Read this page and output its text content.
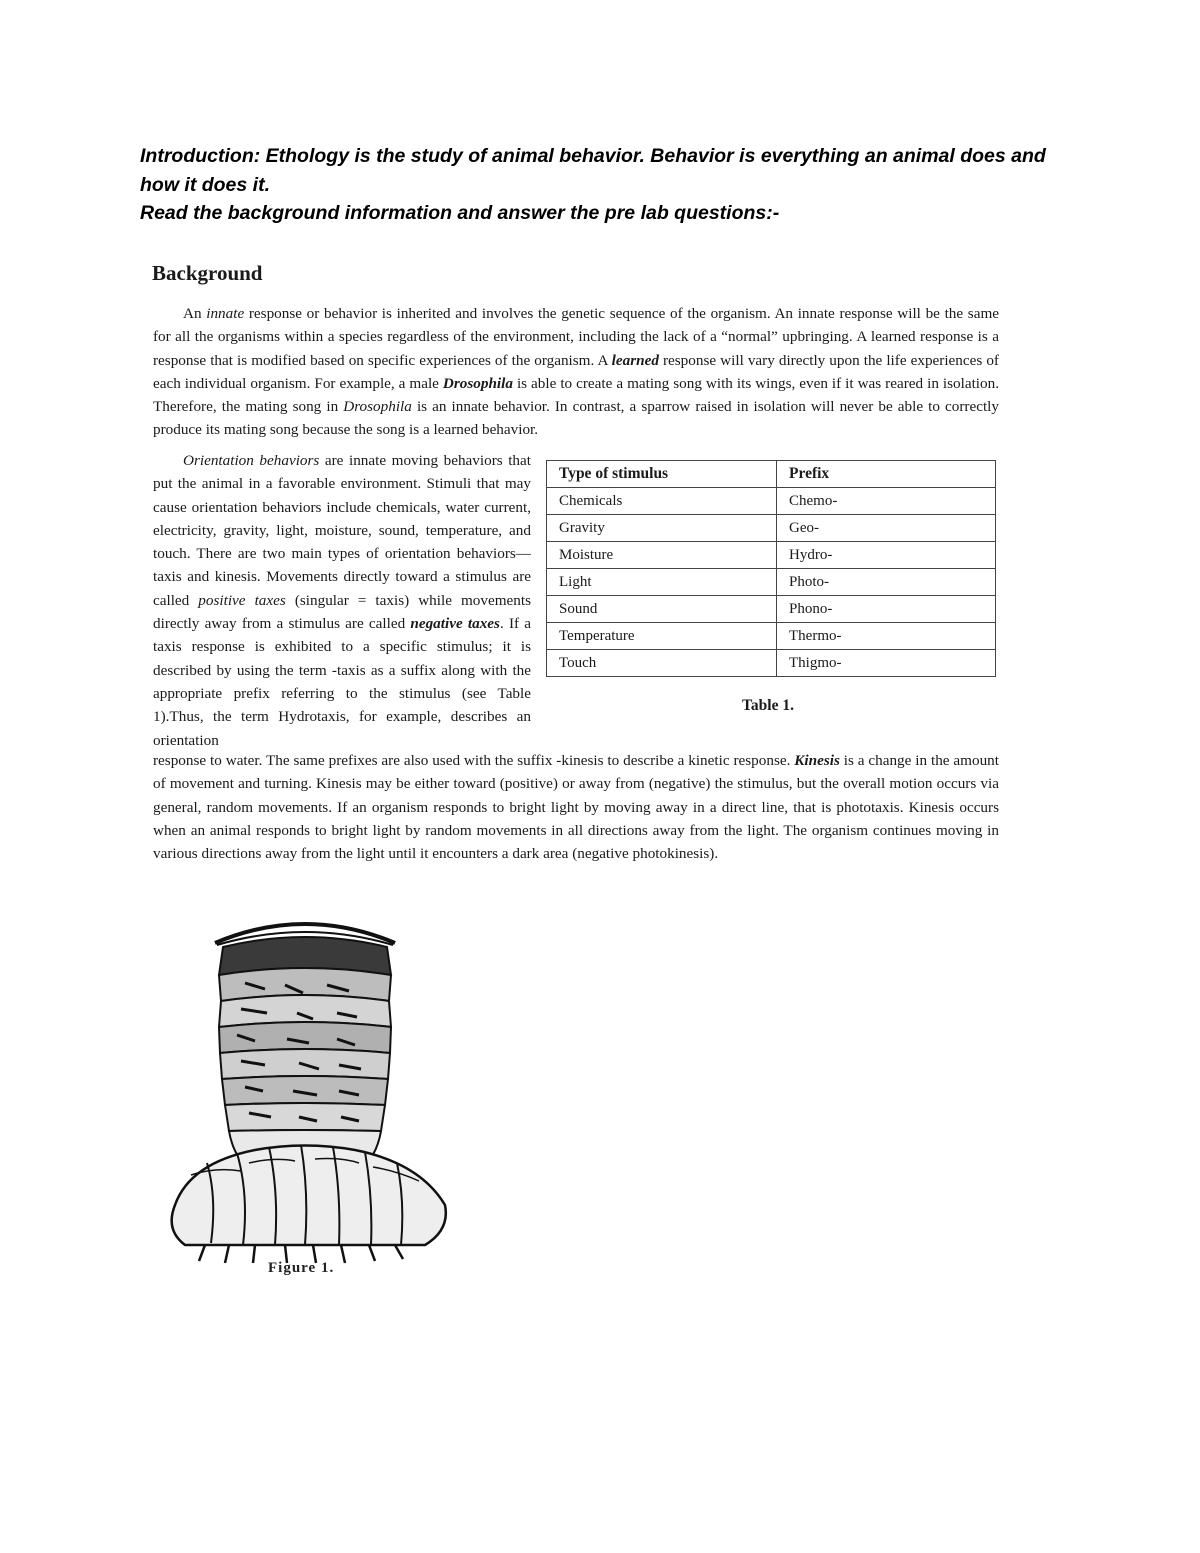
Introduction: Ethology is the study of animal behavior. Behavior is everything an animal does and how it does it.

Read the background information and answer the pre lab questions:-

Background

An innate response or behavior is inherited and involves the genetic sequence of the organism. An innate response will be the same for all the organisms within a species regardless of the environment, including the lack of a “normal” upbringing. A learned response is a response that is modified based on specific experiences of the organism. A learned response will vary directly upon the life experiences of each individual organism. For example, a male Drosophila is able to create a mating song with its wings, even if it was reared in isolation. Therefore, the mating song in Drosophila is an innate behavior. In contrast, a sparrow raised in isolation will never be able to correctly produce its mating song because the song is a learned behavior.

Orientation behaviors are innate moving behaviors that put the animal in a favorable environment. Stimuli that may cause orientation behaviors include chemicals, water current, electricity, gravity, light, moisture, sound, temperature, and touch. There are two main types of orientation behaviors—taxis and kinesis. Movements directly toward a stimulus are called positive taxes (singular = taxis) while movements directly away from a stimulus are called negative taxes. If a taxis response is exhibited to a specific stimulus; it is described by using the term -taxis as a suffix along with the appropriate prefix referring to the stimulus (see Table 1).Thus, the term Hydrotaxis, for example, describes an orientation

Type of stimulus	Prefix
Chemicals	Chemo-
Gravity	Geo-
Moisture	Hydro-
Light	Photo-
Sound	Phono-
Temperature	Thermo-
Touch	Thigmo-
Table 1.

response to water. The same prefixes are also used with the suffix -kinesis to describe a kinetic response. Kinesis is a change in the amount of movement and turning. Kinesis may be either toward (positive) or away from (negative) the stimulus, but the overall motion occurs via general, random movements. If an organism responds to bright light by moving away in a direct line, that is phototaxis. Kinesis occurs when an animal responds to bright light by random movements in all directions away from the light. The organism continues moving in various directions away from the light until it encounters a dark area (negative photokinesis).

Figure 1.
